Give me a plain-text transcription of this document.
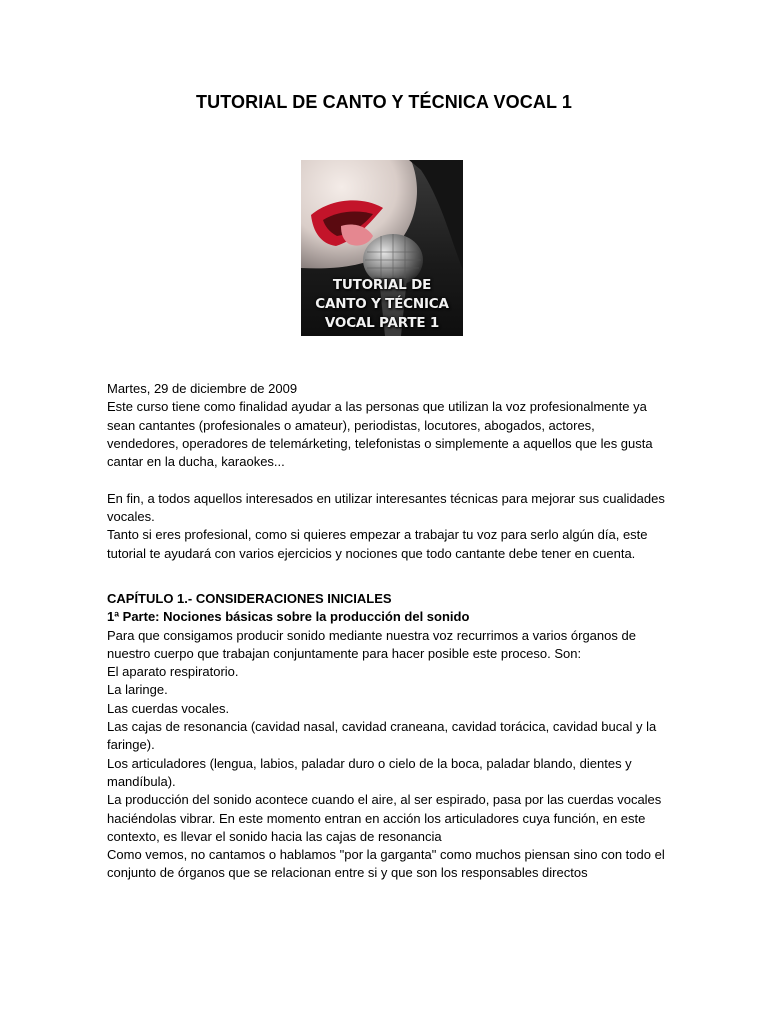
TUTORIAL DE CANTO Y TÉCNICA VOCAL 1
TUTORIAL DE
CANTO Y TÉCNICA
VOCAL PARTE 1

Martes, 29 de diciembre de 2009

Este curso tiene como finalidad ayudar a las personas que utilizan la voz profesionalmente ya sean cantantes (profesionales o amateur), periodistas, locutores, abogados, actores, vendedores, operadores de telemárketing, telefonistas o simplemente a aquellos que les gusta cantar en la ducha, karaokes...

En fin, a todos aquellos interesados en utilizar interesantes técnicas para mejorar sus cualidades vocales.

Tanto si eres profesional, como si quieres empezar a trabajar tu voz para serlo algún día, este tutorial te ayudará con varios ejercicios y nociones que todo cantante debe tener en cuenta.

CAPÍTULO 1.- CONSIDERACIONES INICIALES

1ª Parte: Nociones básicas sobre la producción del sonido

Para que consigamos producir sonido mediante nuestra voz recurrimos a varios órganos de nuestro cuerpo que trabajan conjuntamente para hacer posible este proceso. Son:

El aparato respiratorio.

La laringe.

Las cuerdas vocales.

Las cajas de resonancia (cavidad nasal, cavidad craneana, cavidad torácica, cavidad bucal y la faringe).

Los articuladores (lengua, labios, paladar duro o cielo de la boca, paladar blando, dientes y mandíbula).

La producción del sonido acontece cuando el aire, al ser espirado, pasa por las cuerdas vocales haciéndolas vibrar. En este momento entran en acción los articuladores cuya función, en este contexto, es llevar el sonido hacia las cajas de resonancia

Como vemos, no cantamos o hablamos "por la garganta" como muchos piensan sino con todo el conjunto de órganos que se relacionan entre si y que son los responsables directos
